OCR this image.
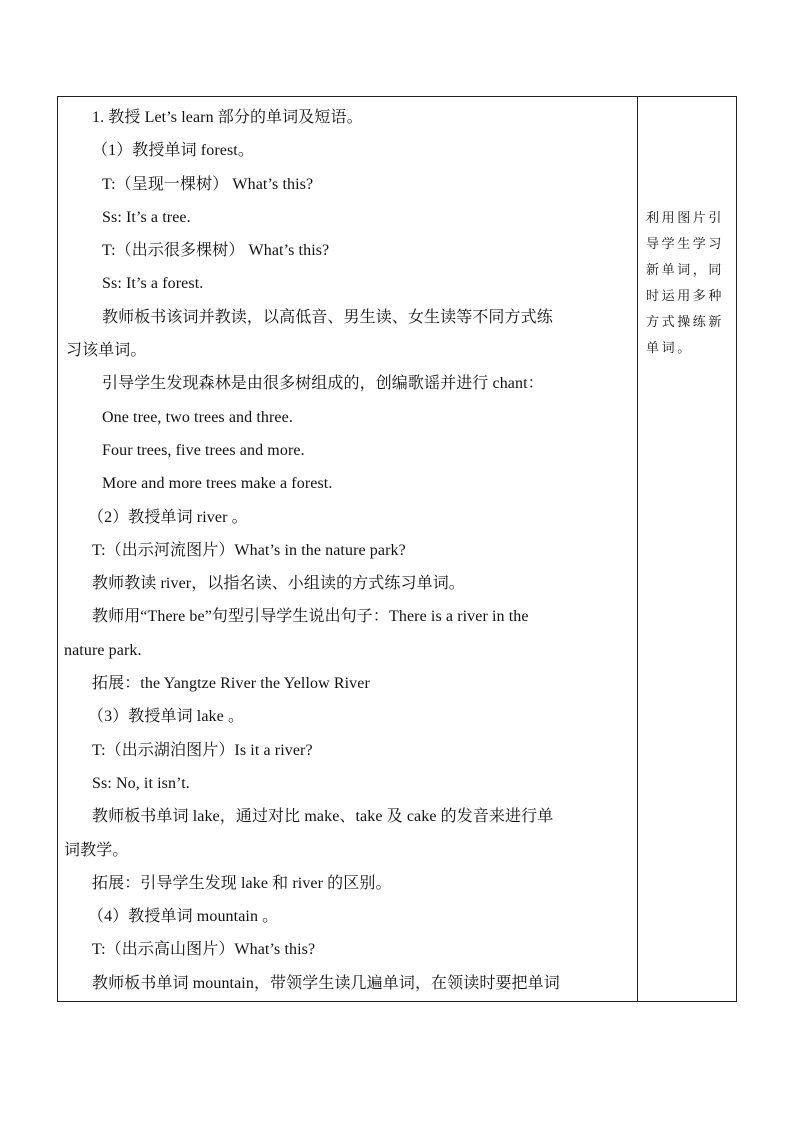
1. 教授 Let’s learn 部分的单词及短语。
（1）教授单词 forest。
T:（呈现一棵树） What’s this?
Ss: It’s a tree.
T:（出示很多棵树） What’s this?
Ss: It’s a forest.
教师板书该词并教读，以高低音、男生读、女生读等不同方式练
习该单词。
引导学生发现森林是由很多树组成的，创编歌谣并进行 chant：
One tree, two trees and three.
Four trees, five trees and more.
More and more trees make a forest.
（2）教授单词 river 。
T:（出示河流图片）What’s in the nature park?
教师教读 river，以指名读、小组读的方式练习单词。
教师用“There be”句型引导学生说出句子：There is a river in the
nature park.
拓展：the Yangtze River the Yellow River
（3）教授单词 lake 。
T:（出示湖泊图片）Is it a river?
Ss: No, it isn’t.
教师板书单词 lake，通过对比 make、take 及 cake 的发音来进行单
词教学。
拓展：引导学生发现 lake 和 river 的区别。
（4）教授单词 mountain 。
T:（出示高山图片）What’s this?
教师板书单词 mountain，带领学生读几遍单词，在领读时要把单词
利用图片引
导学生学习
新单词，同
时运用多种
方式操练新
单词。
